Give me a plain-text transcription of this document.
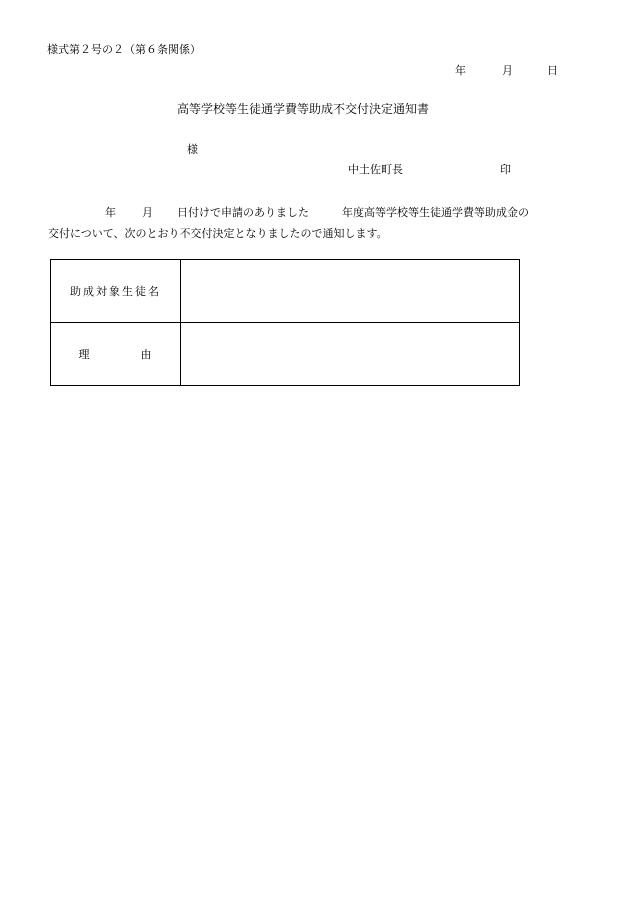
様式第２号の２（第６条関係）
年	月	日
高等学校等生徒通学費等助成不交付決定通知書
様
中土佐町長	印
年 月 日付けで申請のありました	年度高等学校等生徒通学費等助成金の
交付について、次のとおり不交付決定となりましたので通知します。
助成対象生徒名	
理 由	
